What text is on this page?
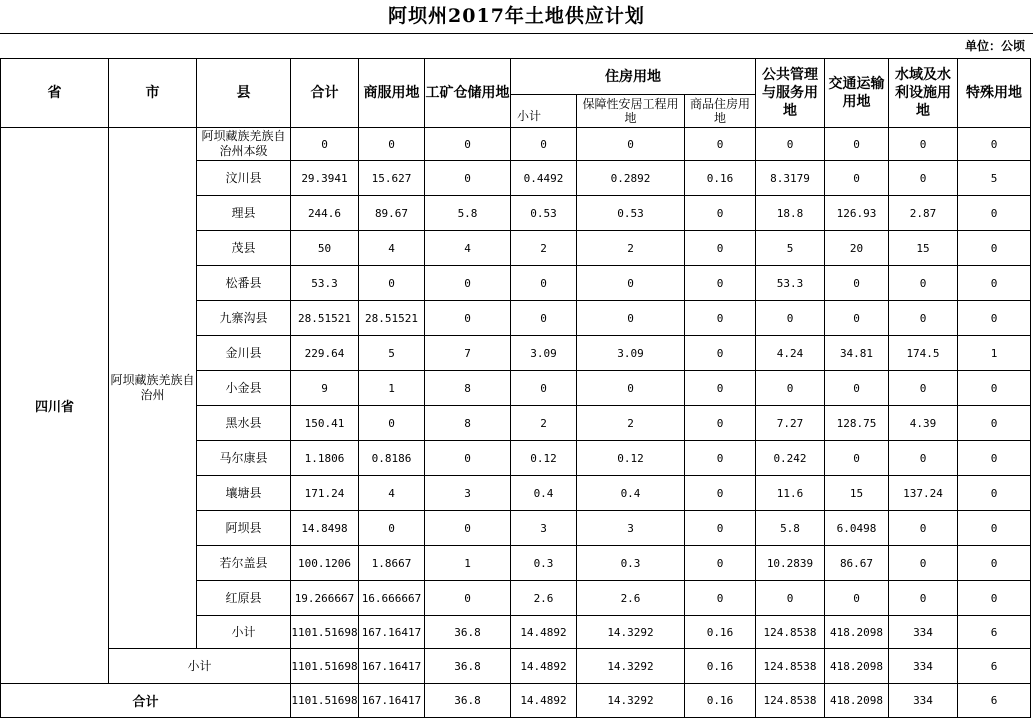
阿坝州2017年土地供应计划
单位：公顷
省	市	县	合计	商服用地	工矿仓储用地	住房用地			公共管理与服务用地	交通运输用地	水域及水利设施用地	特殊用地
						小计	保障性安居工程用地	商品住房用地				
四川省	阿坝藏族羌族自治州	阿坝藏族羌族自治州本级	0	0	0	0	0	0	0	0	0	0
		汶川县	29.3941	15.627	0	0.4492	0.2892	0.16	8.3179	0	0	5
		理县	244.6	89.67	5.8	0.53	0.53	0	18.8	126.93	2.87	0
		茂县	50	4	4	2	2	0	5	20	15	0
		松番县	53.3	0	0	0	0	0	53.3	0	0	0
		九寨沟县	28.51521	28.51521	0	0	0	0	0	0	0	0
		金川县	229.64	5	7	3.09	3.09	0	4.24	34.81	174.5	1
		小金县	9	1	8	0	0	0	0	0	0	0
		黑水县	150.41	0	8	2	2	0	7.27	128.75	4.39	0
		马尔康县	1.1806	0.8186	0	0.12	0.12	0	0.242	0	0	0
		壤塘县	171.24	4	3	0.4	0.4	0	11.6	15	137.24	0
		阿坝县	14.8498	0	0	3	3	0	5.8	6.0498	0	0
		若尔盖县	100.1206	1.8667	1	0.3	0.3	0	10.2839	86.67	0	0
		红原县	19.266667	16.666667	0	2.6	2.6	0	0	0	0	0
		小计	1101.51698	167.16417	36.8	14.4892	14.3292	0.16	124.8538	418.2098	334	6
	小计		1101.51698	167.16417	36.8	14.4892	14.3292	0.16	124.8538	418.2098	334	6
合计			1101.51698	167.16417	36.8	14.4892	14.3292	0.16	124.8538	418.2098	334	6
